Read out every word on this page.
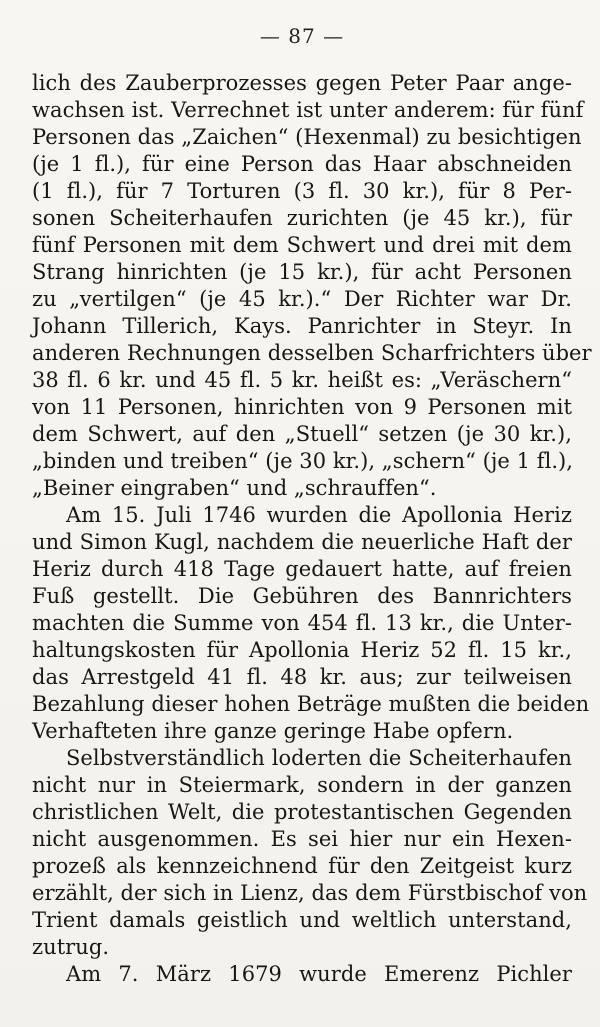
— 87 —
lich des Zauberprozesses gegen Peter Paar ange-
wachsen ist. Verrechnet ist unter anderem: für fünf
Personen das „Zaichen“ (Hexenmal) zu besichtigen
(je 1 fl.), für eine Person das Haar abschneiden
(1 fl.), für 7 Torturen (3 fl. 30 kr.), für 8 Per-
sonen Scheiterhaufen zurichten (je 45 kr.), für
fünf Personen mit dem Schwert und drei mit dem
Strang hinrichten (je 15 kr.), für acht Personen
zu „vertilgen“ (je 45 kr.).“ Der Richter war Dr.
Johann Tillerich, Kays. Panrichter in Steyr. In
anderen Rechnungen desselben Scharfrichters über
38 fl. 6 kr. und 45 fl. 5 kr. heißt es: „Veräschern“
von 11 Personen, hinrichten von 9 Personen mit
dem Schwert, auf den „Stuell“ setzen (je 30 kr.),
„binden und treiben“ (je 30 kr.), „schern“ (je 1 fl.),
„Beiner eingraben“ und „schrauffen“.
Am 15. Juli 1746 wurden die Apollonia Heriz
und Simon Kugl, nachdem die neuerliche Haft der
Heriz durch 418 Tage gedauert hatte, auf freien
Fuß gestellt. Die Gebühren des Bannrichters
machten die Summe von 454 fl. 13 kr., die Unter-
haltungskosten für Apollonia Heriz 52 fl. 15 kr.,
das Arrestgeld 41 fl. 48 kr. aus; zur teilweisen
Bezahlung dieser hohen Beträge mußten die beiden
Verhafteten ihre ganze geringe Habe opfern.
Selbstverständlich loderten die Scheiterhaufen
nicht nur in Steiermark, sondern in der ganzen
christlichen Welt, die protestantischen Gegenden
nicht ausgenommen. Es sei hier nur ein Hexen-
prozeß als kennzeichnend für den Zeitgeist kurz
erzählt, der sich in Lienz, das dem Fürstbischof von
Trient damals geistlich und weltlich unterstand,
zutrug.
Am 7. März 1679 wurde Emerenz Pichler
